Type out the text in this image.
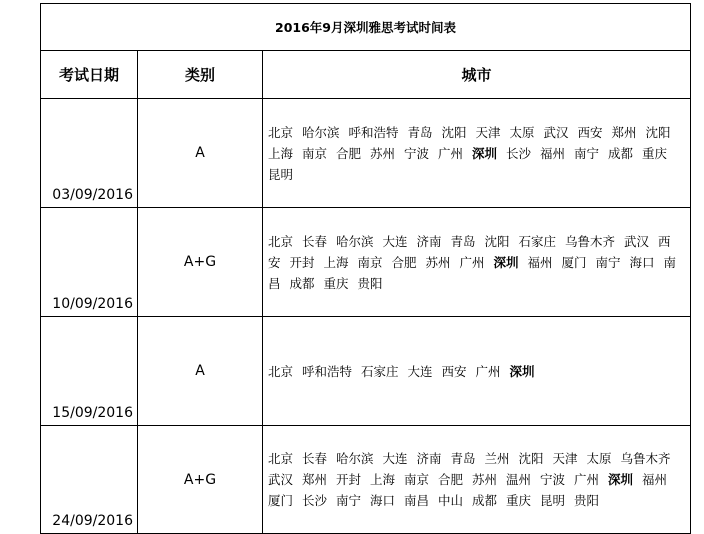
2016年9月深圳雅思考试时间表		
考试日期	类别	城市
03/09/2016	A	北京 哈尔滨 呼和浩特 青岛 沈阳 天津 太原 武汉 西安 郑州 沈阳 上海 南京 合肥 苏州 宁波 广州 深圳 长沙 福州 南宁 成都 重庆 昆明
10/09/2016	A+G	北京 长春 哈尔滨 大连 济南 青岛 沈阳 石家庄 乌鲁木齐 武汉 西安 开封 上海 南京 合肥 苏州 广州 深圳 福州 厦门 南宁 海口 南昌 成都 重庆 贵阳
15/09/2016	A	北京 呼和浩特 石家庄 大连 西安 广州 深圳
24/09/2016	A+G	北京 长春 哈尔滨 大连 济南 青岛 兰州 沈阳 天津 太原 乌鲁木齐 武汉 郑州 开封 上海 南京 合肥 苏州 温州 宁波 广州 深圳 福州 厦门 长沙 南宁 海口 南昌 中山 成都 重庆 昆明 贵阳
